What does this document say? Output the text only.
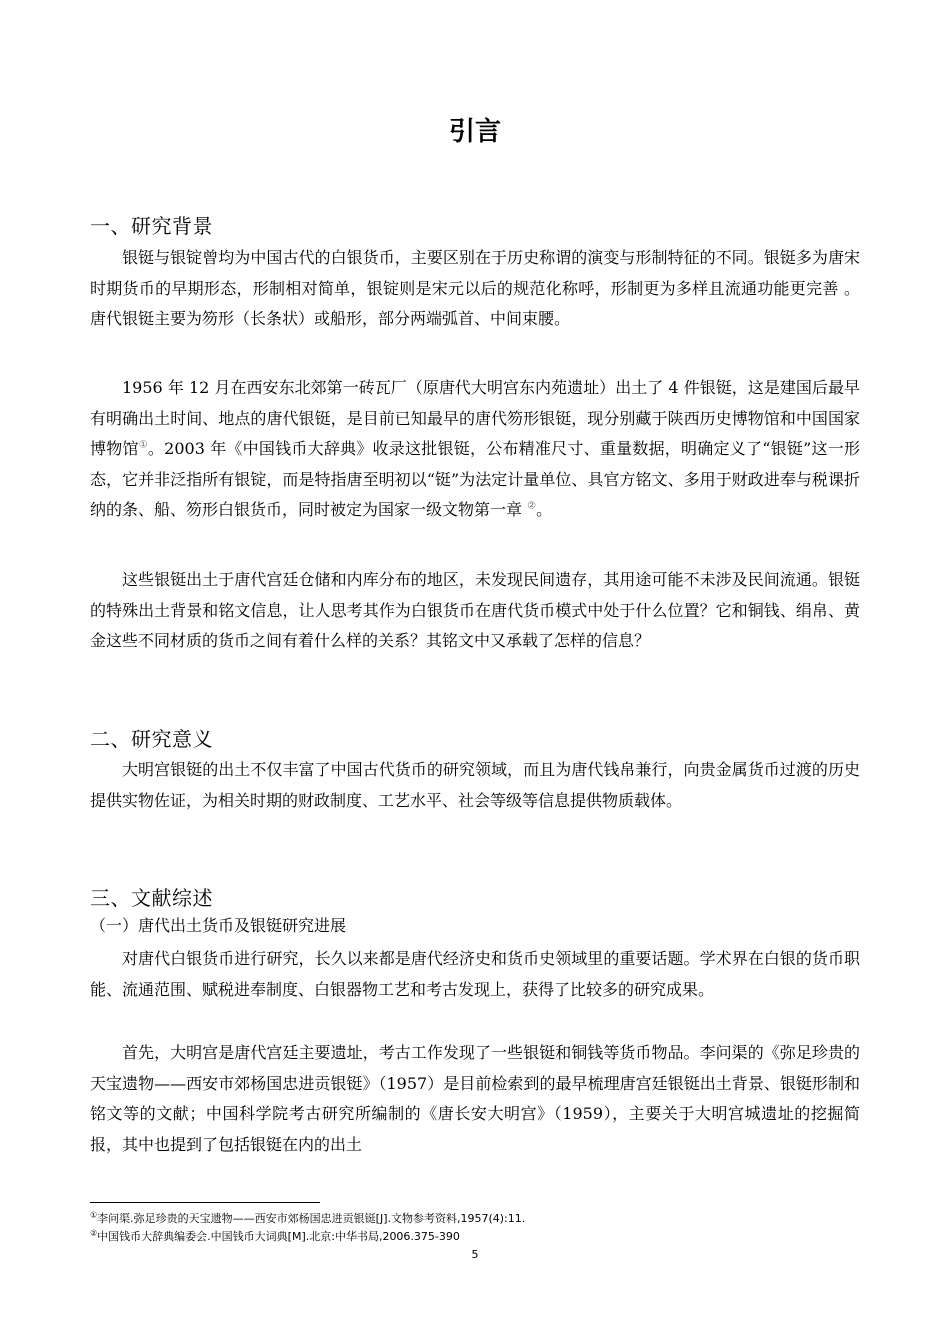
引言
一、研究背景

银铤与银锭曾均为中国古代的白银货币，主要区别在于历史称谓的演变与形制特征的不同。银铤多为唐宋时期货币的早期形态，形制相对简单，银锭则是宋元以后的规范化称呼，形制更为多样且流通功能更完善 。唐代银铤主要为笏形（长条状）或船形，部分两端弧首、中间束腰。

1956 年 12 月在西安东北郊第一砖瓦厂（原唐代大明宫东内苑遗址）出土了 4 件银铤，这是建国后最早有明确出土时间、地点的唐代银铤，是目前已知最早的唐代笏形银铤，现分别藏于陕西历史博物馆和中国国家博物馆①。2003 年《中国钱币大辞典》收录这批银铤，公布精准尺寸、重量数据，明确定义了“银铤”这一形态，它并非泛指所有银锭，而是特指唐至明初以“铤”为法定计量单位、具官方铭文、多用于财政进奉与税课折纳的条、船、笏形白银货币，同时被定为国家一级文物第一章 ②。

这些银铤出土于唐代宫廷仓储和内库分布的地区，未发现民间遗存，其用途可能不未涉及民间流通。银铤的特殊出土背景和铭文信息，让人思考其作为白银货币在唐代货币模式中处于什么位置？它和铜钱、绢帛、黄金这些不同材质的货币之间有着什么样的关系？其铭文中又承载了怎样的信息？

二、研究意义

大明宫银铤的出土不仅丰富了中国古代货币的研究领域，而且为唐代钱帛兼行，向贵金属货币过渡的历史提供实物佐证，为相关时期的财政制度、工艺水平、社会等级等信息提供物质载体。

三、文献综述
（一）唐代出土货币及银铤研究进展

对唐代白银货币进行研究，长久以来都是唐代经济史和货币史领域里的重要话题。学术界在白银的货币职能、流通范围、赋税进奉制度、白银器物工艺和考古发现上，获得了比较多的研究成果。

首先，大明宫是唐代宫廷主要遗址，考古工作发现了一些银铤和铜钱等货币物品。李问渠的《弥足珍贵的天宝遗物——西安市郊杨国忠进贡银铤》（1957）是目前检索到的最早梳理唐宫廷银铤出土背景、银铤形制和铭文等的文献；中国科学院考古研究所编制的《唐长安大明宫》（1959），主要关于大明宫城遗址的挖掘简报，其中也提到了包括银铤在内的出土

①李问渠.弥足珍贵的天宝遗物——西安市郊杨国忠进贡银铤[J].文物参考资料,1957(4):11.
②中国钱币大辞典编委会.中国钱币大词典[M].北京:中华书局,2006.375-390
5
